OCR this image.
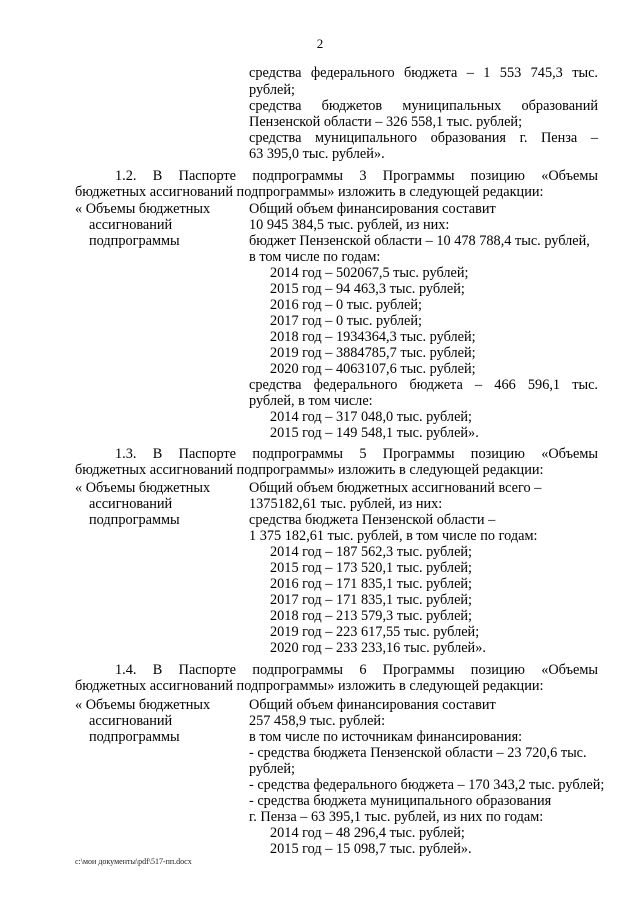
2
средства федерального бюджета – 1 553 745,3 тыс.
рублей;
средства бюджетов муниципальных образований
Пензенской области – 326 558,1 тыс. рублей;
средства муниципального образования г. Пенза –
63 395,0 тыс. рублей».
1.2. В Паспорте подпрограммы 3 Программы позицию «Объемы
бюджетных ассигнований подпрограммы» изложить в следующей редакции:
« Объемы бюджетных
ассигнований
подпрограммы
Общий объем финансирования составит
10 945 384,5 тыс. рублей, из них:
бюджет Пензенской области – 10 478 788,4 тыс. рублей,
в том числе по годам:
2014 год – 502067,5 тыс. рублей;
2015 год – 94 463,3 тыс. рублей;
2016 год – 0 тыс. рублей;
2017 год – 0 тыс. рублей;
2018 год – 1934364,3 тыс. рублей;
2019 год – 3884785,7 тыс. рублей;
2020 год – 4063107,6 тыс. рублей;
средства федерального бюджета – 466 596,1 тыс.
рублей, в том числе:
2014 год – 317 048,0 тыс. рублей;
2015 год – 149 548,1 тыс. рублей».
1.3. В Паспорте подпрограммы 5 Программы позицию «Объемы
бюджетных ассигнований подпрограммы» изложить в следующей редакции:
« Объемы бюджетных
ассигнований
подпрограммы
Общий объем бюджетных ассигнований всего –
1375182,61 тыс. рублей, из них:
средства бюджета Пензенской области –
1 375 182,61 тыс. рублей, в том числе по годам:
2014 год – 187 562,3 тыс. рублей;
2015 год – 173 520,1 тыс. рублей;
2016 год – 171 835,1 тыс. рублей;
2017 год – 171 835,1 тыс. рублей;
2018 год – 213 579,3 тыс. рублей;
2019 год – 223 617,55 тыс. рублей;
2020 год – 233 233,16 тыс. рублей».
1.4. В Паспорте подпрограммы 6 Программы позицию «Объемы
бюджетных ассигнований подпрограммы» изложить в следующей редакции:
« Объемы бюджетных
ассигнований
подпрограммы
Общий объем финансирования составит
257 458,9 тыс. рублей:
в том числе по источникам финансирования:
- средства бюджета Пензенской области – 23 720,6 тыс.
рублей;
- средства федерального бюджета – 170 343,2 тыс. рублей;
- средства бюджета муниципального образования
г. Пенза – 63 395,1 тыс. рублей, из них по годам:
2014 год – 48 296,4 тыс. рублей;
2015 год – 15 098,7 тыс. рублей».
c:\мои документы\pdf\517-пп.docx
